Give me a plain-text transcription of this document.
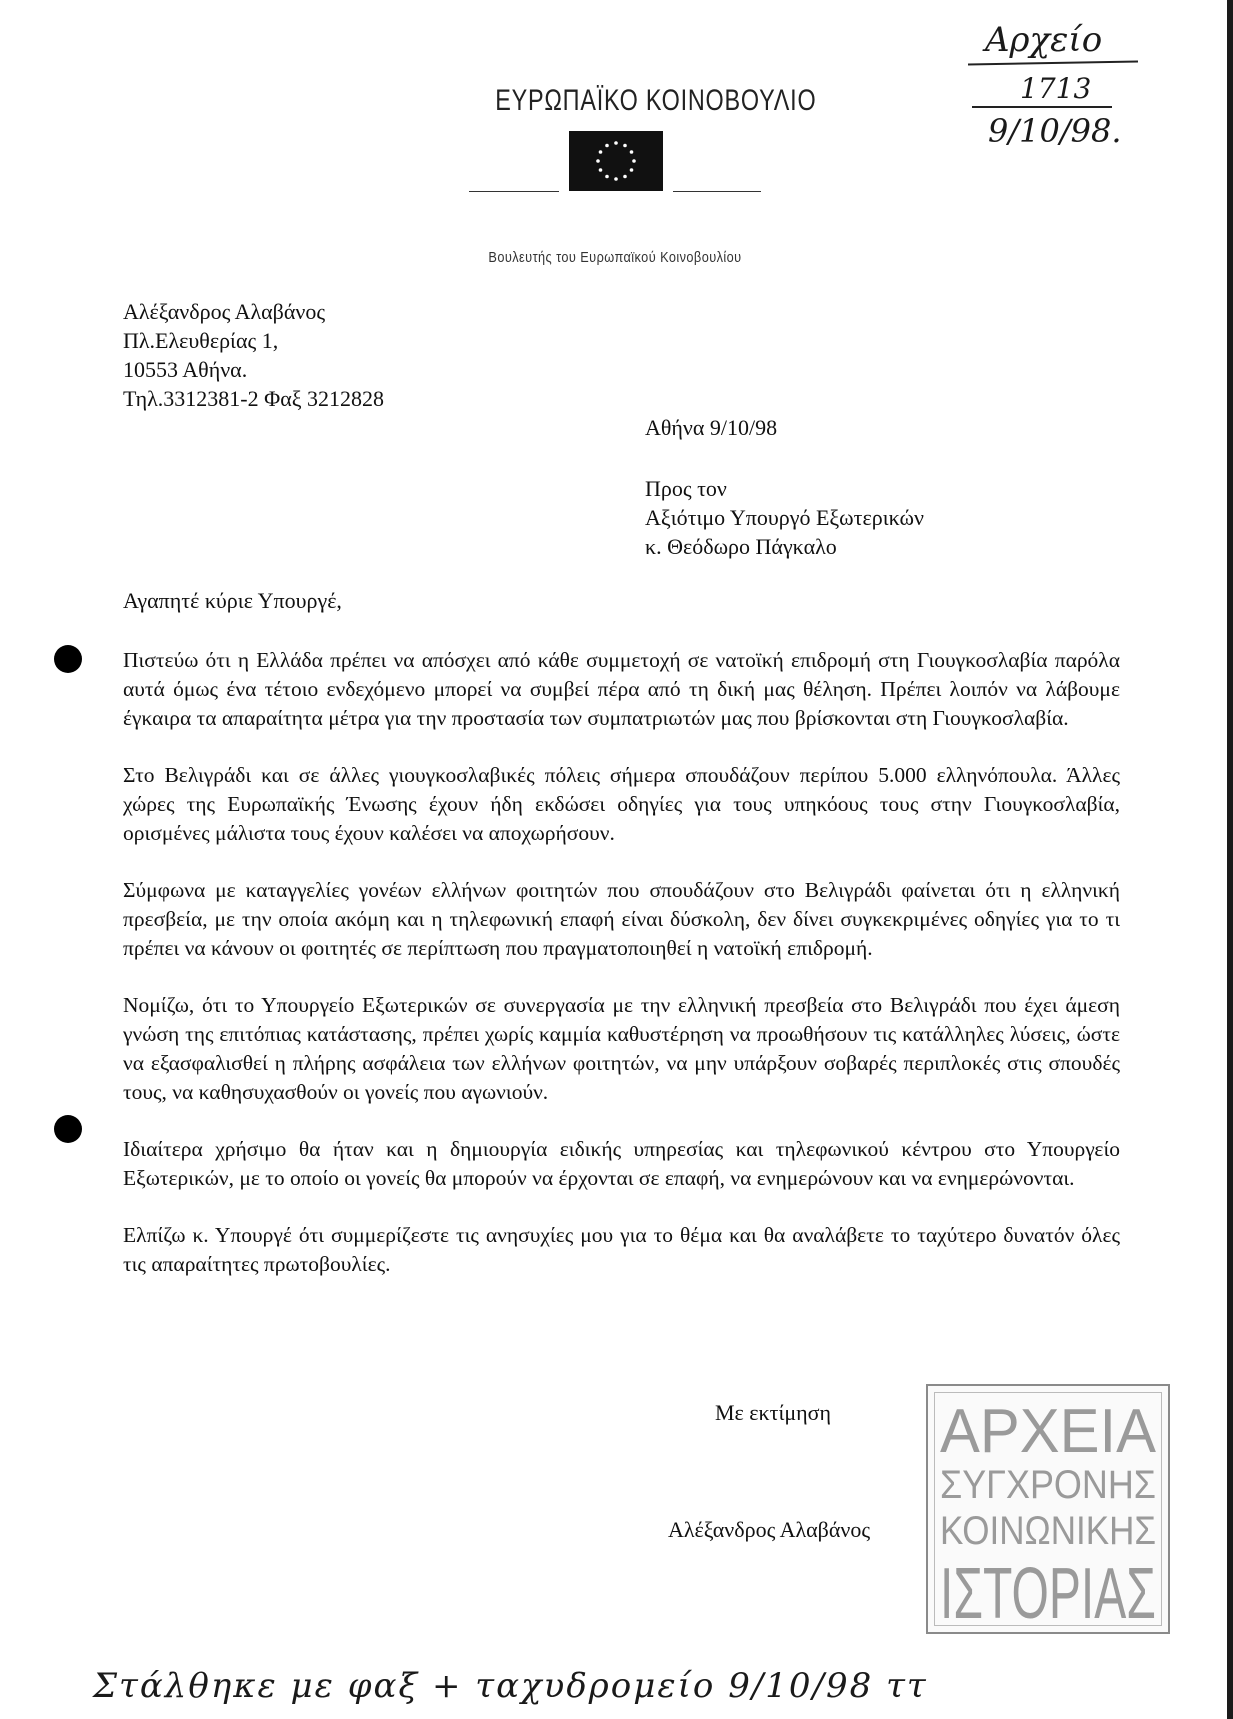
ΕΥΡΩΠΑΪΚΟ ΚΟΙΝΟΒΟΥΛΙΟ
Βουλευτής του Ευρωπαϊκού Κοινοβουλίου
Αρχείο
1713
9/10/98.
Αλέξανδρος Αλαβάνος
Πλ.Ελευθερίας 1,
10553 Αθήνα.
Τηλ.3312381-2 Φαξ 3212828
Αθήνα 9/10/98
Προς τον
Αξιότιμο Υπουργό Εξωτερικών
κ. Θεόδωρο Πάγκαλο
Αγαπητέ κύριε Υπουργέ,

Πιστεύω ότι η Ελλάδα πρέπει να απόσχει από κάθε συμμετοχή σε νατοϊκή επιδρομή στη Γιουγκοσλαβία παρόλα αυτά όμως ένα τέτοιο ενδεχόμενο μπορεί να συμβεί πέρα από τη δική μας θέληση. Πρέπει λοιπόν να λάβουμε έγκαιρα τα απαραίτητα μέτρα για την προστασία των συμπατριωτών μας που βρίσκονται στη Γιουγκοσλαβία.

Στο Βελιγράδι και σε άλλες γιουγκοσλαβικές πόλεις σήμερα σπουδάζουν περίπου 5.000 ελληνόπουλα. Άλλες χώρες της Ευρωπαϊκής Ένωσης έχουν ήδη εκδώσει οδηγίες για τους υπηκόους τους στην Γιουγκοσλαβία, ορισμένες μάλιστα τους έχουν καλέσει να αποχωρήσουν.

Σύμφωνα με καταγγελίες γονέων ελλήνων φοιτητών που σπουδάζουν στο Βελιγράδι φαίνεται ότι η ελληνική πρεσβεία, με την οποία ακόμη και η τηλεφωνική επαφή είναι δύσκολη, δεν δίνει συγκεκριμένες οδηγίες για το τι πρέπει να κάνουν οι φοιτητές σε περίπτωση που πραγματοποιηθεί η νατοϊκή επιδρομή.

Νομίζω, ότι το Υπουργείο Εξωτερικών σε συνεργασία με την ελληνική πρεσβεία στο Βελιγράδι που έχει άμεση γνώση της επιτόπιας κατάστασης, πρέπει χωρίς καμμία καθυστέρηση να προωθήσουν τις κατάλληλες λύσεις, ώστε να εξασφαλισθεί η πλήρης ασφάλεια των ελλήνων φοιτητών, να μην υπάρξουν σοβαρές περιπλοκές στις σπουδές τους, να καθησυχασθούν οι γονείς που αγωνιούν.

Ιδιαίτερα χρήσιμο θα ήταν και η δημιουργία ειδικής υπηρεσίας και τηλεφωνικού κέντρου στο Υπουργείο Εξωτερικών, με το οποίο οι γονείς θα μπορούν να έρχονται σε επαφή, να ενημερώνουν και να ενημερώνονται.

Ελπίζω κ. Υπουργέ ότι συμμερίζεστε τις ανησυχίες μου για το θέμα και θα αναλάβετε το ταχύτερο δυνατόν όλες τις απαραίτητες πρωτοβουλίες.

Με εκτίμηση
Αλέξανδρος Αλαβάνος
ΑΡΧΕΙΑ
ΣΥΓΧΡΟΝΗΣ
ΚΟΙΝΩΝΙΚΗΣ
ΙΣΤΟΡΙΑΣ
Στάλθηκε με φαξ + ταχυδρομείο 9/10/98 ττ
